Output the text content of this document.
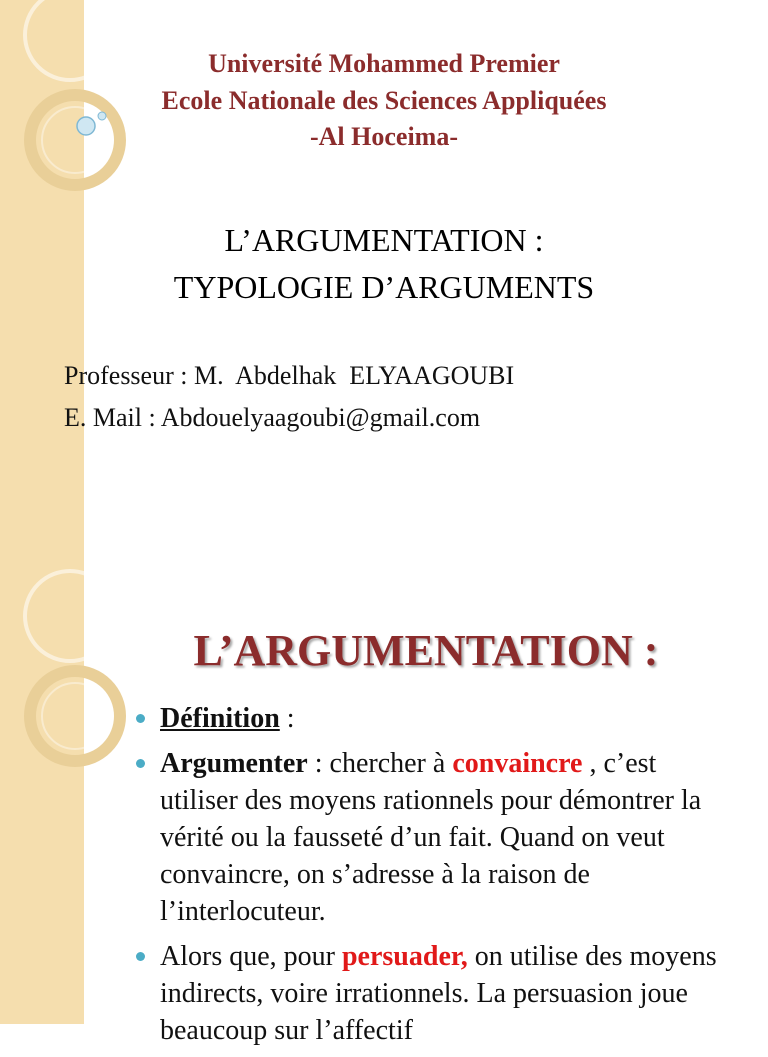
Université Mohammed Premier
Ecole Nationale des Sciences Appliquées
-Al Hoceima-
L’ARGUMENTATION :
TYPOLOGIE D’ARGUMENTS
Professeur : M.  Abdelhak  ELYAAGOUBI
E. Mail : Abdouelyaagoubi@gmail.com
L’ARGUMENTATION :
Définition :
Argumenter : chercher à convaincre , c’est utiliser des moyens rationnels pour démontrer la vérité ou la fausseté d’un fait. Quand on veut convaincre, on s’adresse à la raison de l’interlocuteur.
Alors que, pour persuader, on utilise des moyens indirects, voire irrationnels. La persuasion joue beaucoup sur l’affectif
